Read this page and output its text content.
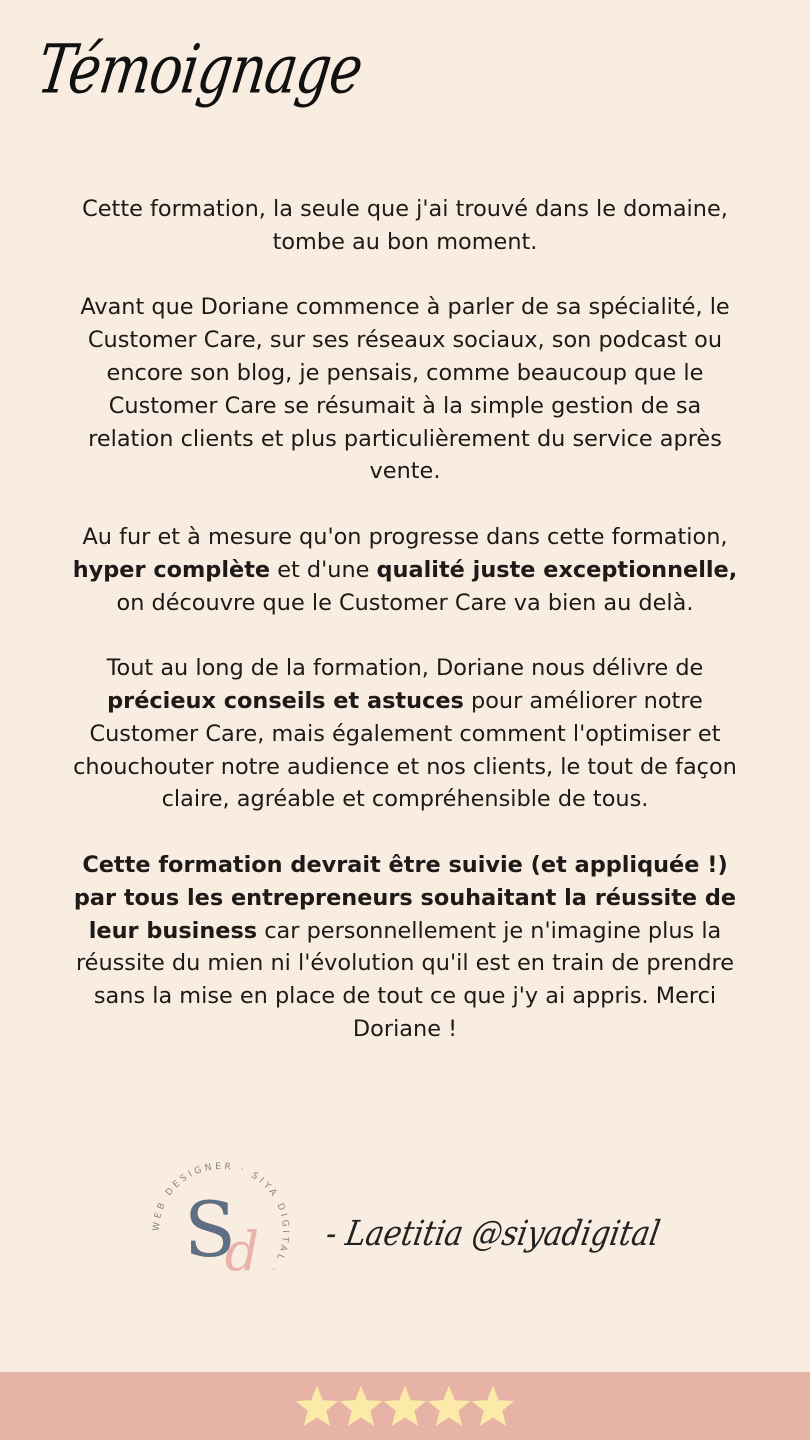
Témoignage

Cette formation, la seule que j'ai trouvé dans le domaine, tombe au bon moment.

Avant que Doriane commence à parler de sa spécialité, le Customer Care, sur ses réseaux sociaux, son podcast ou encore son blog, je pensais, comme beaucoup que le Customer Care se résumait à la simple gestion de sa relation clients et plus particulièrement du service après vente.

Au fur et à mesure qu'on progresse dans cette formation, hyper complète et d'une qualité juste exceptionnelle, on découvre que le Customer Care va bien au delà.

Tout au long de la formation, Doriane nous délivre de précieux conseils et astuces pour améliorer notre Customer Care, mais également comment l'optimiser et chouchouter notre audience et nos clients, le tout de façon claire, agréable et compréhensible de tous.

Cette formation devrait être suivie (et appliquée !) par tous les entrepreneurs souhaitant la réussite de leur business car personnellement je n'imagine plus la réussite du mien ni l'évolution qu'il est en train de prendre sans la mise en place de tout ce que j'y ai appris. Merci Doriane !

WEB DESIGNER · SIYA DIGITAL ·
S
d - Laetitia @siyadigital
